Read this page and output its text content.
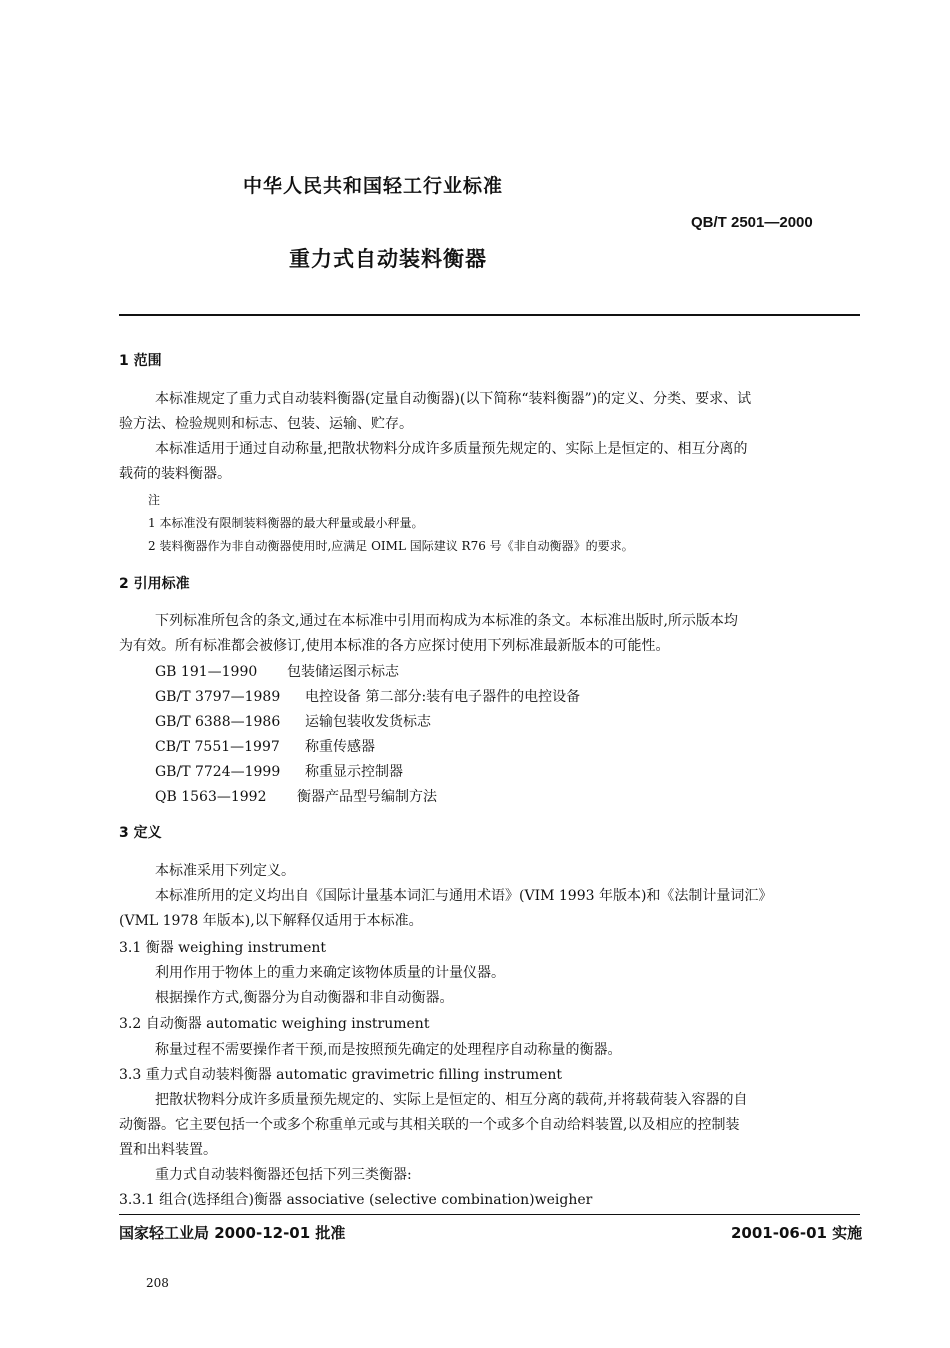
中华人民共和国轻工行业标准
QB/T 2501—2000
重力式自动装料衡器
1 范围
本标准规定了重力式自动装料衡器(定量自动衡器)(以下简称“装料衡器”)的定义、分类、要求、试
验方法、检验规则和标志、包装、运输、贮存。
本标准适用于通过自动称量,把散状物料分成许多质量预先规定的、实际上是恒定的、相互分离的
载荷的装料衡器。
注
1 本标准没有限制装料衡器的最大秤量或最小秤量。
2 装料衡器作为非自动衡器使用时,应满足 OIML 国际建议 R76 号《非自动衡器》的要求。
2 引用标准
下列标准所包含的条文,通过在本标准中引用而构成为本标准的条文。本标准出版时,所示版本均
为有效。所有标准都会被修订,使用本标准的各方应探讨使用下列标准最新版本的可能性。
GB 191—1990 包装储运图示标志
GB/T 3797—1989 电控设备 第二部分:装有电子器件的电控设备
GB/T 6388—1986 运输包装收发货标志
CB/T 7551—1997 称重传感器
GB/T 7724—1999 称重显示控制器
QB 1563—1992 衡器产品型号编制方法
3 定义
本标准采用下列定义。
本标准所用的定义均出自《国际计量基本词汇与通用术语》(VIM 1993 年版本)和《法制计量词汇》
(VML 1978 年版本),以下解释仅适用于本标准。
3.1 衡器 weighing instrument
利用作用于物体上的重力来确定该物体质量的计量仪器。
根据操作方式,衡器分为自动衡器和非自动衡器。
3.2 自动衡器 automatic weighing instrument
称量过程不需要操作者干预,而是按照预先确定的处理程序自动称量的衡器。
3.3 重力式自动装料衡器 automatic gravimetric filling instrument
把散状物料分成许多质量预先规定的、实际上是恒定的、相互分离的载荷,并将载荷装入容器的自
动衡器。它主要包括一个或多个称重单元或与其相关联的一个或多个自动给料装置,以及相应的控制装
置和出料装置。
重力式自动装料衡器还包括下列三类衡器:
3.3.1 组合(选择组合)衡器 associative (selective combination)weigher
国家轻工业局 2000-12-01 批准	2001-06-01 实施
208
